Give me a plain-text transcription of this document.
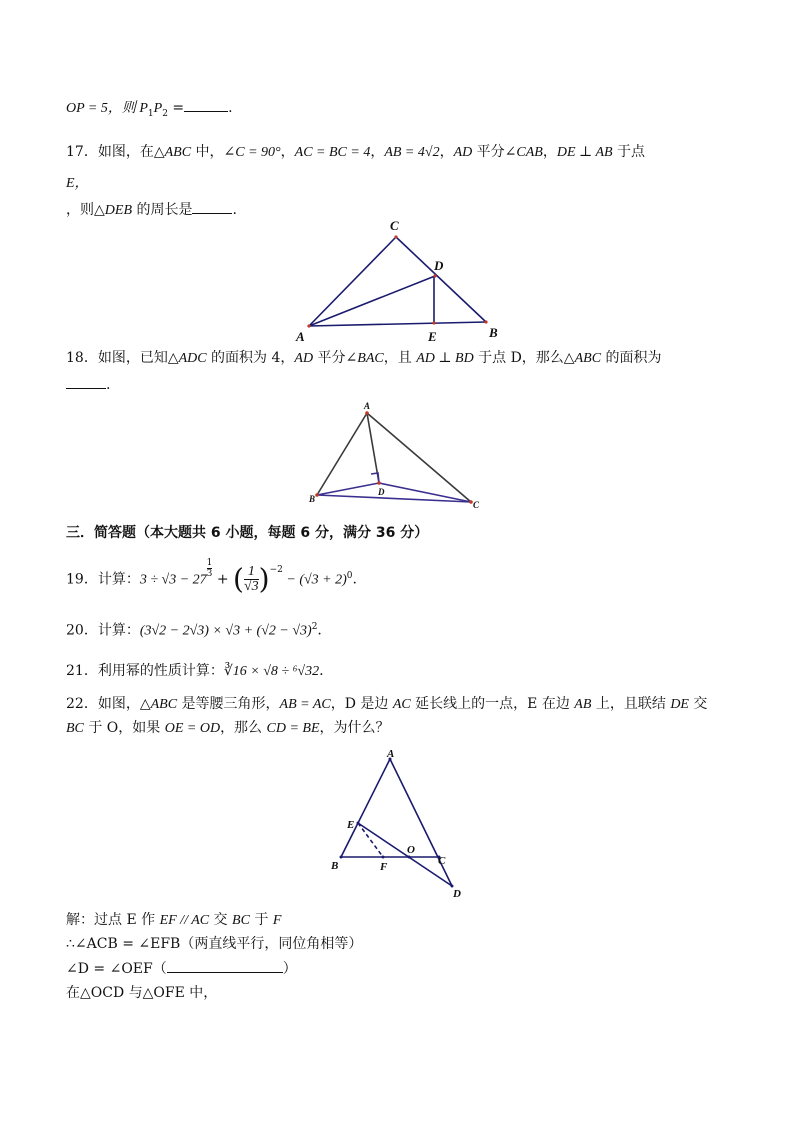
OP = 5，则 $P_1P_2$ =	.
17．如图，在△ABC 中，∠C = 90°，AC = BC = 4，AB = 4√2，AD 平分∠CAB，DE ⊥ AB 于点
E，
，则△DEB 的周长是	.
A
C
B
D
E
18．如图，已知△ADC 的面积为 4，AD 平分∠BAC，且 AD ⊥ BD 于点 D，那么△ABC 的面积为
.
A
B
C
D
三．简答题（本大题共 6 小题，每题 6 分，满分 36 分）
19．计算：3 ÷ √3 − 27
$\frac{1}{3}$
+ ( $\frac{1}{√3} )^{-2} - (√3 + 2)^0$.
20．计算：$(3√2 - 2√3) \times √3 + (√2 - √3)^2$.
21．利用幂的性质计算：∛16 × √8 ÷ ⁶√32.
22．如图，△ABC 是等腰三角形，AB = AC，D 是边 AC 延长线上的一点，E 在边 AB 上，且联结 DE 交
BC 于 O，如果 OE = OD，那么 CD = BE，为什么？
A
B	C
D
E
F
O
解：过点 E 作 EF // AC 交 BC 于 F
∴∠ACB = ∠EFB（两直线平行，同位角相等）
∠D = ∠OEF（	）
在△OCD 与△OFE 中，
